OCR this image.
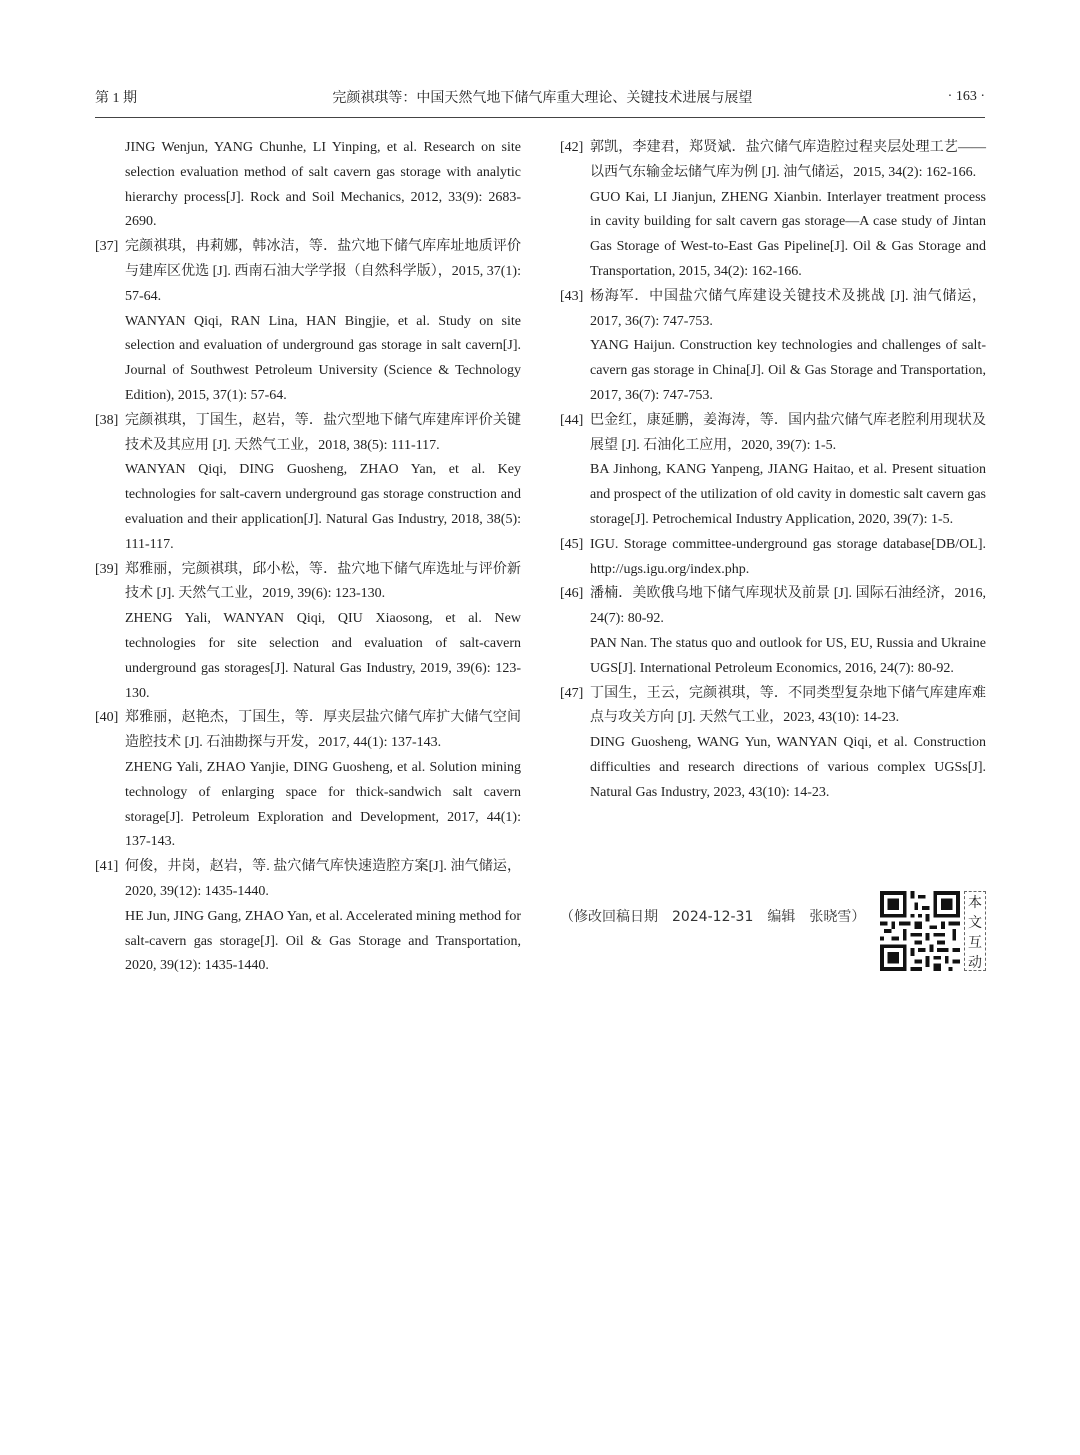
第 1 期	完颜祺琪等：中国天然气地下储气库重大理论、关键技术进展与展望	· 163 ·
JING Wenjun, YANG Chunhe, LI Yinping, et al. Research on site selection evaluation method of salt cavern gas storage with analytic hierarchy process[J]. Rock and Soil Mechanics, 2012, 33(9): 2683-2690.
[37] 完颜祺琪，冉莉娜，韩冰洁，等．盐穴地下储气库库址地质评价与建库区优选 [J]. 西南石油大学学报（自然科学版），2015, 37(1): 57-64.
WANYAN Qiqi, RAN Lina, HAN Bingjie, et al. Study on site selection and evaluation of underground gas storage in salt cavern[J]. Journal of Southwest Petroleum University (Science & Technology Edition), 2015, 37(1): 57-64.
[38] 完颜祺琪，丁国生，赵岩，等．盐穴型地下储气库建库评价关键技术及其应用 [J]. 天然气工业，2018, 38(5): 111-117.
WANYAN Qiqi, DING Guosheng, ZHAO Yan, et al. Key technologies for salt-cavern underground gas storage construction and evaluation and their application[J]. Natural Gas Industry, 2018, 38(5): 111-117.
[39] 郑雅丽，完颜祺琪，邱小松，等．盐穴地下储气库选址与评价新技术 [J]. 天然气工业，2019, 39(6): 123-130.
ZHENG Yali, WANYAN Qiqi, QIU Xiaosong, et al. New technologies for site selection and evaluation of salt-cavern underground gas storages[J]. Natural Gas Industry, 2019, 39(6): 123-130.
[40] 郑雅丽，赵艳杰，丁国生，等．厚夹层盐穴储气库扩大储气空间造腔技术 [J]. 石油勘探与开发，2017, 44(1): 137-143.
ZHENG Yali, ZHAO Yanjie, DING Guosheng, et al. Solution mining technology of enlarging space for thick-sandwich salt cavern storage[J]. Petroleum Exploration and Development, 2017, 44(1): 137-143.
[41] 何俊，井岗，赵岩，等. 盐穴储气库快速造腔方案[J]. 油气储运，2020, 39(12): 1435-1440.
HE Jun, JING Gang, ZHAO Yan, et al. Accelerated mining method for salt-cavern gas storage[J]. Oil & Gas Storage and Transportation, 2020, 39(12): 1435-1440.
[42] 郭凯，李建君，郑贤斌．盐穴储气库造腔过程夹层处理工艺——以西气东输金坛储气库为例 [J]. 油气储运，2015, 34(2): 162-166.
GUO Kai, LI Jianjun, ZHENG Xianbin. Interlayer treatment process in cavity building for salt cavern gas storage—A case study of Jintan Gas Storage of West-to-East Gas Pipeline[J]. Oil & Gas Storage and Transportation, 2015, 34(2): 162-166.
[43] 杨海军．中国盐穴储气库建设关键技术及挑战 [J]. 油气储运，2017, 36(7): 747-753.
YANG Haijun. Construction key technologies and challenges of salt-cavern gas storage in China[J]. Oil & Gas Storage and Transportation, 2017, 36(7): 747-753.
[44] 巴金红，康延鹏，姜海涛，等．国内盐穴储气库老腔利用现状及展望 [J]. 石油化工应用，2020, 39(7): 1-5.
BA Jinhong, KANG Yanpeng, JIANG Haitao, et al. Present situation and prospect of the utilization of old cavity in domestic salt cavern gas storage[J]. Petrochemical Industry Application, 2020, 39(7): 1-5.
[45] IGU. Storage committee-underground gas storage database[DB/OL]. http://ugs.igu.org/index.php.
[46] 潘楠．美欧俄乌地下储气库现状及前景 [J]. 国际石油经济，2016, 24(7): 80-92.
PAN Nan. The status quo and outlook for US, EU, Russia and Ukraine UGS[J]. International Petroleum Economics, 2016, 24(7): 80-92.
[47] 丁国生，王云，完颜祺琪，等．不同类型复杂地下储气库建库难点与攻关方向 [J]. 天然气工业，2023, 43(10): 14-23.
DING Guosheng, WANG Yun, WANYAN Qiqi, et al. Construction difficulties and research directions of various complex UGSs[J]. Natural Gas Industry, 2023, 43(10): 14-23.
（修改回稿日期　2024-12-31　编辑　张晓雪）
本
文
互
动
